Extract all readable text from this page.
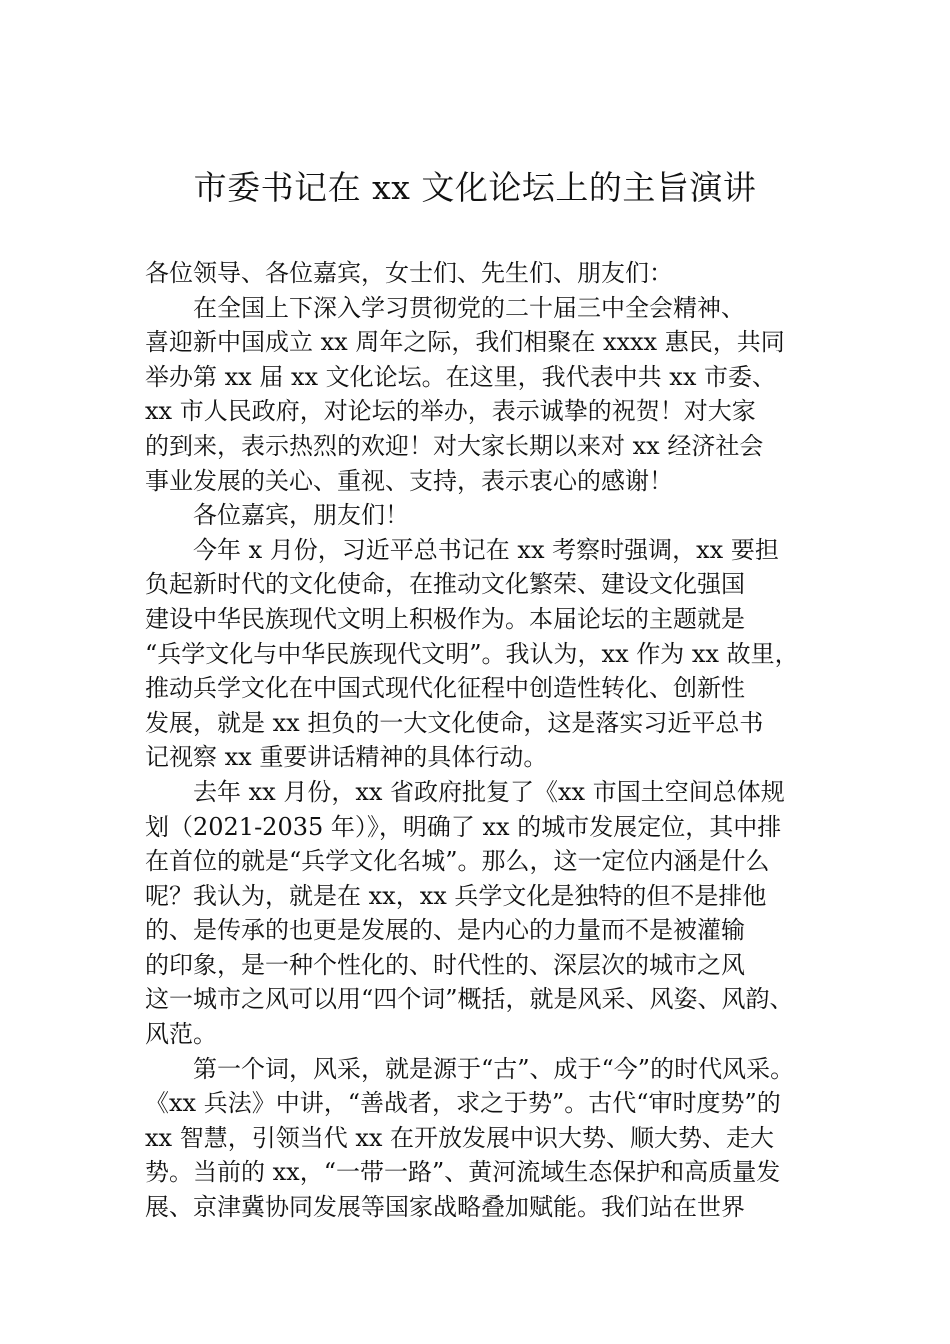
市委书记在 xx 文化论坛上的主旨演讲
各位领导、各位嘉宾，女士们、先生们、朋友们：
在全国上下深入学习贯彻党的二十届三中全会精神、
喜迎新中国成立 xx 周年之际，我们相聚在 xxxx 惠民，共同
举办第 xx 届 xx 文化论坛。在这里，我代表中共 xx 市委、
xx 市人民政府，对论坛的举办，表示诚挚的祝贺！对大家
的到来，表示热烈的欢迎！对大家长期以来对 xx 经济社会
事业发展的关心、重视、支持，表示衷心的感谢！
各位嘉宾，朋友们！
今年 x 月份，习近平总书记在 xx 考察时强调，xx 要担
负起新时代的文化使命，在推动文化繁荣、建设文化强国
建设中华民族现代文明上积极作为。本届论坛的主题就是
“兵学文化与中华民族现代文明”。我认为，xx 作为 xx 故里，
推动兵学文化在中国式现代化征程中创造性转化、创新性
发展，就是 xx 担负的一大文化使命，这是落实习近平总书
记视察 xx 重要讲话精神的具体行动。
去年 xx 月份，xx 省政府批复了《xx 市国土空间总体规
划（2021-2035 年）》，明确了 xx 的城市发展定位，其中排
在首位的就是“兵学文化名城”。那么，这一定位内涵是什么
呢？我认为，就是在 xx，xx 兵学文化是独特的但不是排他
的、是传承的也更是发展的、是内心的力量而不是被灌输
的印象，是一种个性化的、时代性的、深层次的城市之风
这一城市之风可以用“四个词”概括，就是风采、风姿、风韵、
风范。
第一个词，风采，就是源于“古”、成于“今”的时代风采。
《xx 兵法》中讲，“善战者，求之于势”。古代“审时度势”的
xx 智慧，引领当代 xx 在开放发展中识大势、顺大势、走大
势。当前的 xx，“一带一路”、黄河流域生态保护和高质量发
展、京津冀协同发展等国家战略叠加赋能。我们站在世界
